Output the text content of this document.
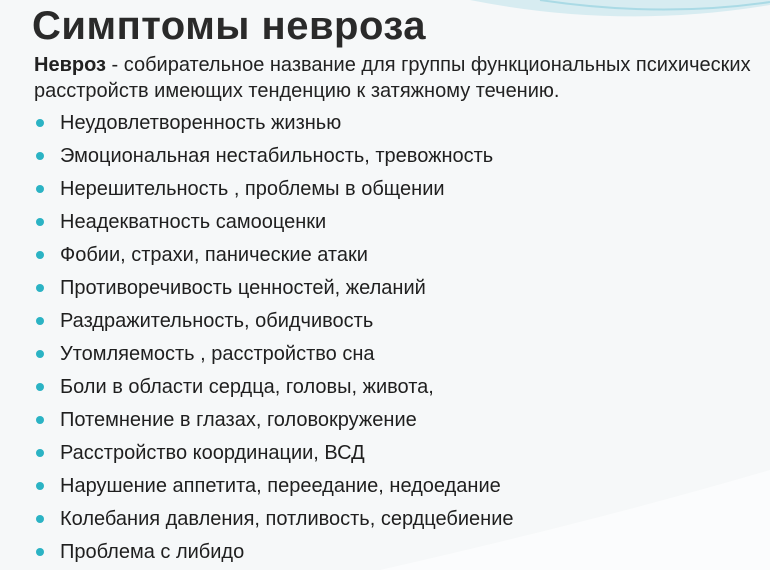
Симптомы невроза
Невроз - собирательное название для группы функциональных психических расстройств имеющих тенденцию к затяжному течению.
Неудовлетворенность жизнью
Эмоциональная нестабильность, тревожность
Нерешительность , проблемы в общении
Неадекватность самооценки
Фобии, страхи, панические атаки
Противоречивость ценностей, желаний
Раздражительность, обидчивость
Утомляемость , расстройство сна
Боли в области сердца, головы, живота,
Потемнение в глазах, головокружение
Расстройство координации, ВСД
Нарушение аппетита, переедание, недоедание
Колебания давления, потливость, сердцебиение
Проблема с либидо
